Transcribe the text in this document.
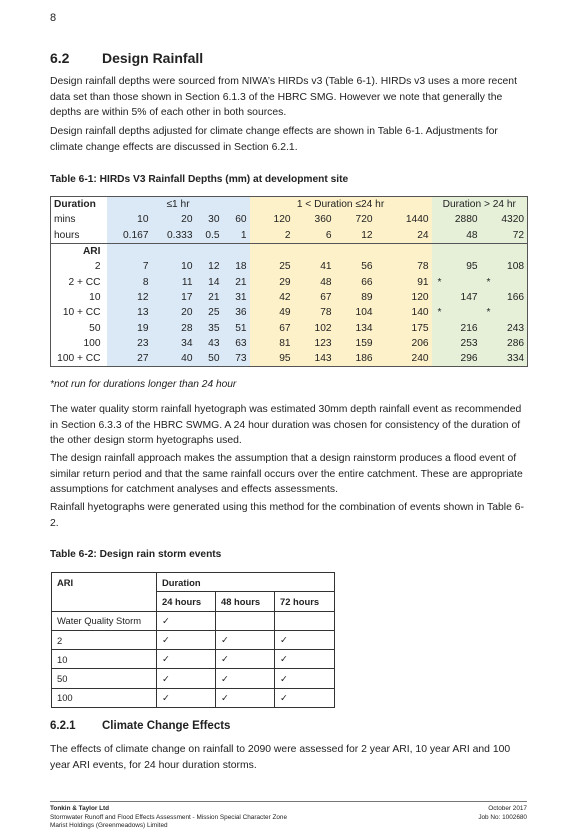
8
6.2 Design Rainfall

Design rainfall depths were sourced from NIWA’s HIRDs v3 (Table 6-1). HIRDs v3 uses a more recent data set than those shown in Section 6.1.3 of the HBRC SMG. However we note that generally the depths are within 5% of each other in both sources.

Design rainfall depths adjusted for climate change effects are shown in Table 6-1. Adjustments for climate change effects are discussed in Section 6.2.1.

Table 6-1: HIRDs V3 Rainfall Depths (mm) at development site
Duration	≤1 hr				1 < Duration ≤24 hr				Duration > 24 hr	
mins	10	20	30	60	120	360	720	1440	2880	4320
hours	0.167	0.333	0.5	1	2	6	12	24	48	72
ARI										
2	7	10	12	18	25	41	56	78	95	108
2 + CC	8	11	14	21	29	48	66	91	*	*
10	12	17	21	31	42	67	89	120	147	166
10 + CC	13	20	25	36	49	78	104	140	*	*
50	19	28	35	51	67	102	134	175	216	243
100	23	34	43	63	81	123	159	206	253	286
100 + CC	27	40	50	73	95	143	186	240	296	334
*not run for durations longer than 24 hour

The water quality storm rainfall hyetograph was estimated 30mm depth rainfall event as recommended in Section 6.3.3 of the HBRC SWMG. A 24 hour duration was chosen for consistency of the duration of the other design storm hyetographs used.

The design rainfall approach makes the assumption that a design rainstorm produces a flood event of similar return period and that the same rainfall occurs over the entire catchment. These are appropriate assumptions for catchment analyses and effects assessments.

Rainfall hyetographs were generated using this method for the combination of events shown in Table 6-2.

Table 6-2: Design rain storm events
ARI	Duration		
	24 hours	48 hours	72 hours
Water Quality Storm	✓		
2	✓	✓	✓
10	✓	✓	✓
50	✓	✓	✓
100	✓	✓	✓
6.2.1 Climate Change Effects

The effects of climate change on rainfall to 2090 were assessed for 2 year ARI, 10 year ARI and 100 year ARI events, for 24 hour duration storms.

Tonkin & Taylor Ltd
Stormwater Runoff and Flood Effects Assessment - Mission Special Character Zone
Marist Holdings (Greenmeadows) Limited
October 2017
Job No: 1002680
